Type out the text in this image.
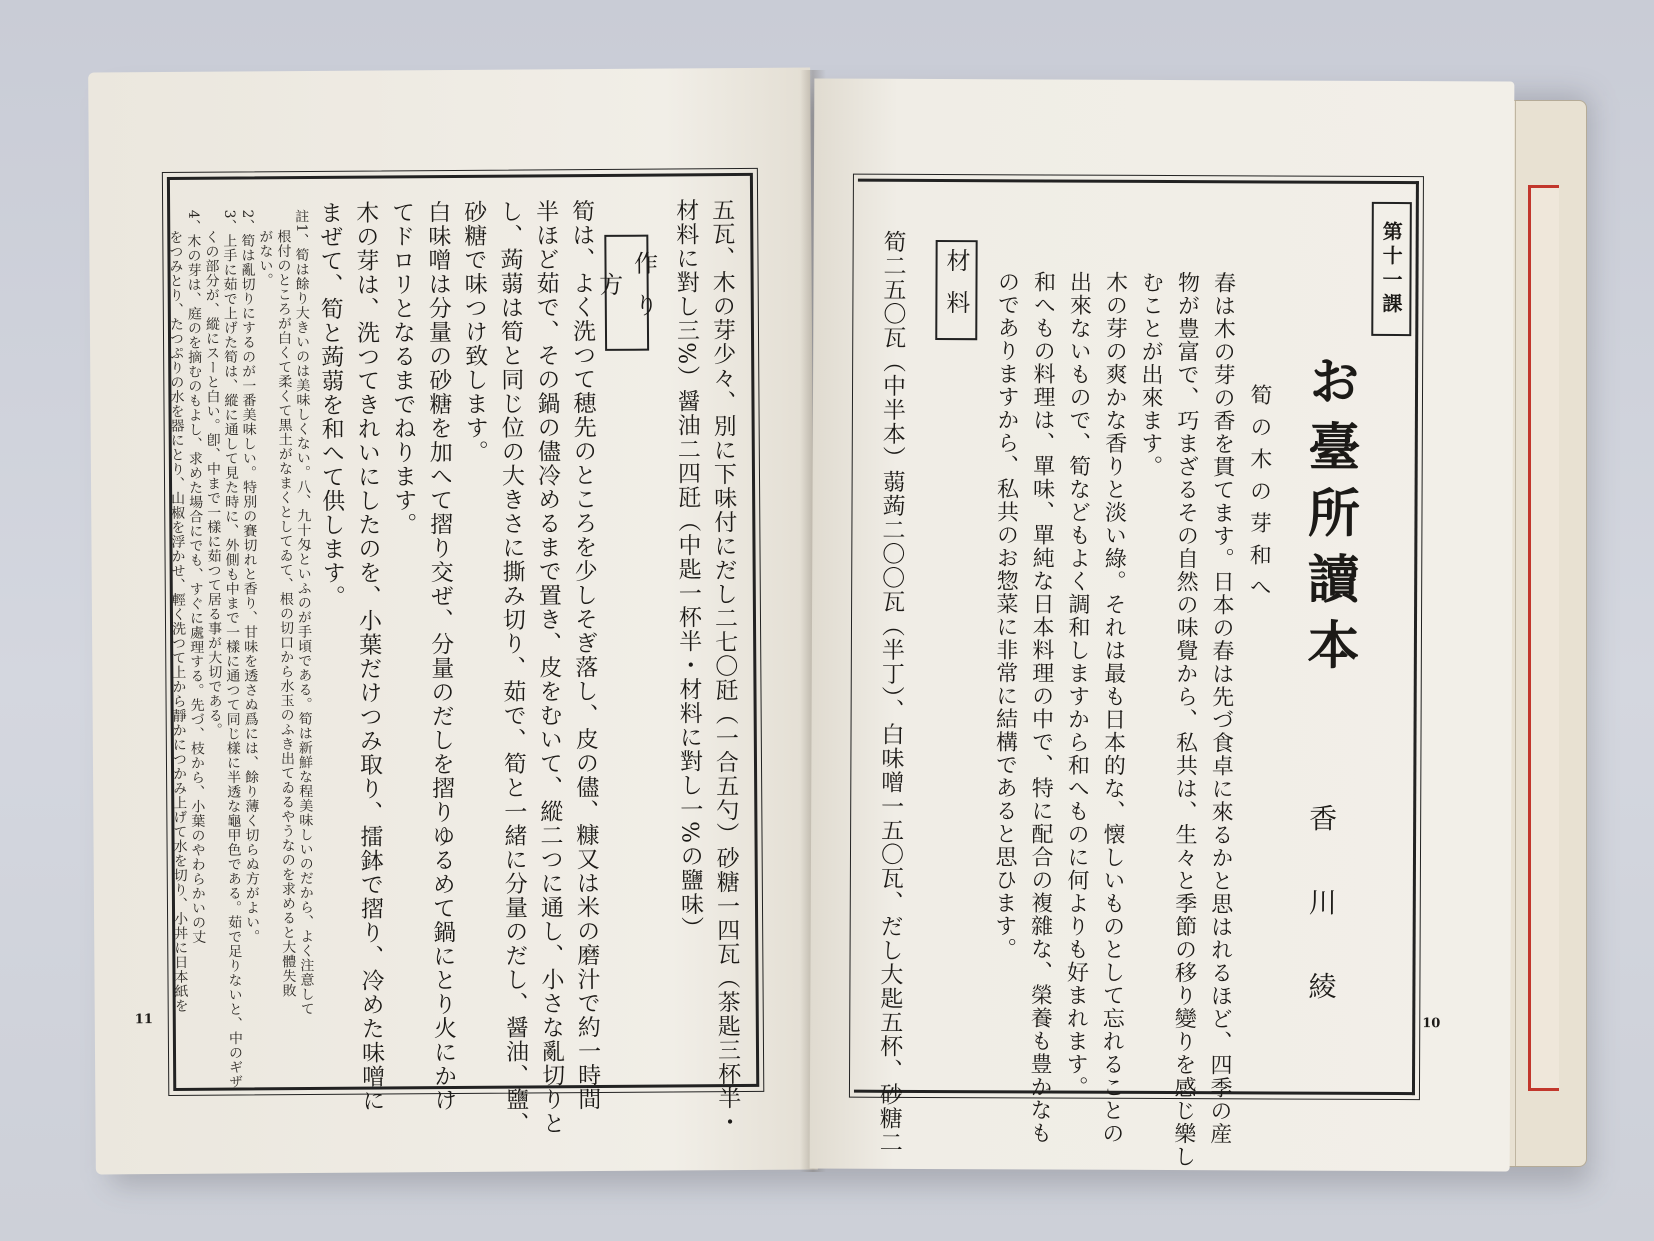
作り方	五瓦、木の芽少々、別に下味付にだし二七〇瓩（一合五勺）砂糖一四瓦（茶匙三杯半・
材料に對し三%）醤油二四瓩（中匙一杯半・材料に對し一%の鹽味）
筍は、よく洗つて穂先のところを少しそぎ落し、皮の儘、糠又は米の磨汁で約一時間
半ほど茹で、その鍋の儘冷めるまで置き、皮をむいて、縱二つに通し、小さな亂切りと
し、蒟蒻は筍と同じ位の大きさに撕み切り、茹で、筍と一緒に分量のだし、醤油、鹽、
砂糖で味つけ致します。
白味噌は分量の砂糖を加へて摺り交ぜ、分量のだしを摺りゆるめて鍋にとり火にかけ
てドロリとなるまでねります。
木の芽は、洗つてきれいにしたのを、小葉だけつみ取り、擂鉢で摺り、冷めた味噌に
まぜて、筍と蒟蒻を和へて供します。
註1、筍は餘り大きいのは美味しくない。八、九十匁といふのが手頃である。筍は新鮮な程美味しいのだから、よく注意して
根付のところが白くて柔くて黒土がなまくとしてゐて、根の切口から水玉のふき出てゐるやうなのを求めると大體失敗
がない。
2、筍は亂切りにするのが一番美味しい。特別の賽切れと香り、甘味を透さぬ爲には、餘り薄く切らぬ方がよい。
3、上手に茹で上げた筍は、縱に通して見た時に、外側も中まで一樣に通つて同じ樣に半透な龜甲色である。茹で足りないと、中のギザ
くの部分が、縱にスーと白い。卽、中まで一樣に茹つて居る事が大切である。
4、木の芽は、庭のを摘むのもよし、求めた場合にでも、すぐに處理する。先づ、枝から、小葉のやわらかいの丈
をつみとり、たつぷりの水を器にとり、山椒を浮かせ、輕く洗つて上から靜かにつかみ上げて水を切り、小丼に日本紙を
11
第十一課
お臺所讀本
香川綾
春は木の芽の香を貫てます。日本の春は先づ食卓に來るかと思はれるほど、四季の産
物が豊富で、巧まざるその自然の味覺から、私共は、生々と季節の移り變りを感じ樂し
むことが出來ます。
木の芽の爽かな香りと淡い綠。それは最も日本的な、懐しいものとして忘れることの
出來ないもので、筍などもよく調和しますから和へものに何よりも好まれます。
和へもの料理は、單味、單純な日本料理の中で、特に配合の複雜な、榮養も豊かなも
のでありますから、私共のお惣菜に非常に結構であると思ひます。	筍の木の芽和へ
材料
筍二五〇瓦（中半本）蒻蒟二〇〇瓦（半丁）、白味噌一五〇瓦、だし大匙五杯、砂糖二	10
